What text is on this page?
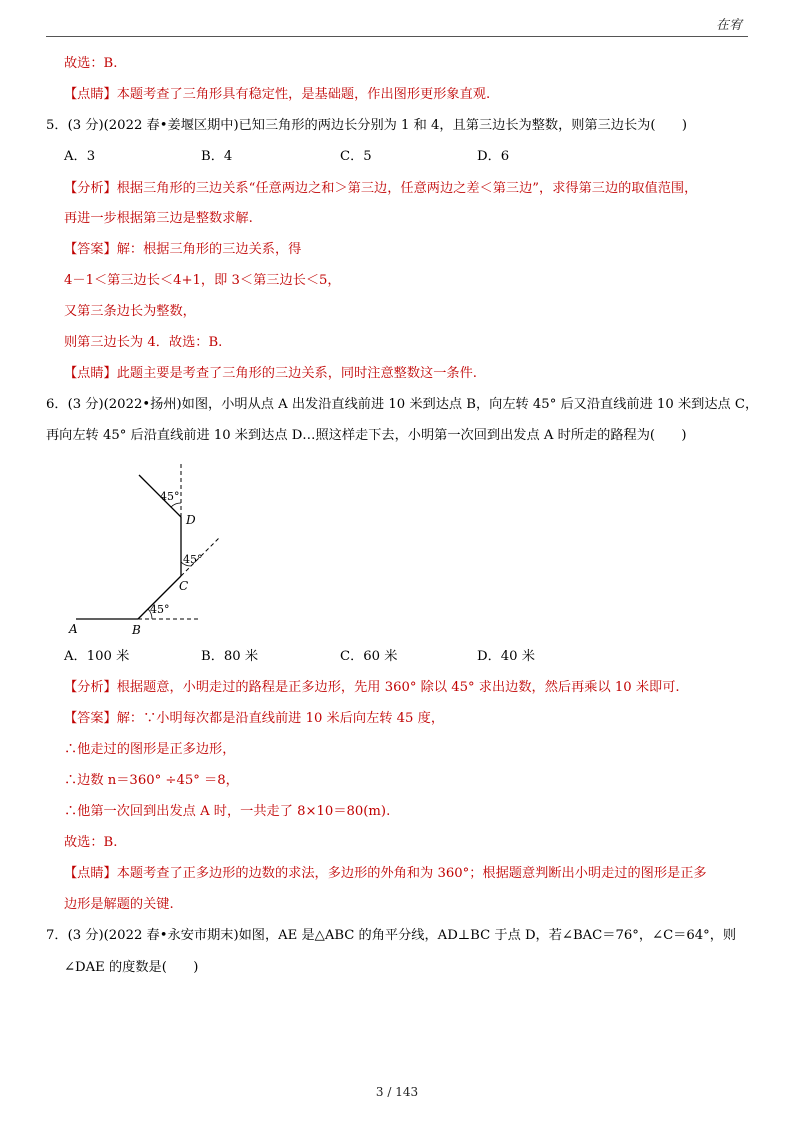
在宥
故选：B.
【点睛】本题考查了三角形具有稳定性，是基础题，作出图形更形象直观.
5．(3 分)(2022 春•姜堰区期中)已知三角形的两边长分别为 1 和 4，且第三边长为整数，则第三边长为(　　)
A．3	B．4	C．5	D．6
【分析】根据三角形的三边关系“任意两边之和＞第三边，任意两边之差＜第三边”，求得第三边的取值范围，
再进一步根据第三边是整数求解.
【答案】解：根据三角形的三边关系，得
4－1＜第三边长＜4+1，即 3＜第三边长＜5，
又第三条边长为整数，
则第三边长为 4．故选：B.
【点睛】此题主要是考查了三角形的三边关系，同时注意整数这一条件.
6．(3 分)(2022•扬州)如图，小明从点 A 出发沿直线前进 10 米到达点 B，向左转 45° 后又沿直线前进 10 米到达点 C，
再向左转 45° 后沿直线前进 10 米到达点 D…照这样走下去，小明第一次回到出发点 A 时所走的路程为(　　)
45°
45°
45°
A	B
C
D
A．100 米	B．80 米	C．60 米	D．40 米
【分析】根据题意，小明走过的路程是正多边形，先用 360° 除以 45° 求出边数，然后再乘以 10 米即可.
【答案】解：∵小明每次都是沿直线前进 10 米后向左转 45 度，
∴他走过的图形是正多边形，
∴边数 n＝360° ÷45° ＝8，
∴他第一次回到出发点 A 时，一共走了 8×10＝80(m).
故选：B.
【点睛】本题考查了正多边形的边数的求法，多边形的外角和为 360°；根据题意判断出小明走过的图形是正多
边形是解题的关键.
7．(3 分)(2022 春•永安市期末)如图，AE 是△ABC 的角平分线，AD⊥BC 于点 D，若∠BAC＝76°，∠C＝64°，则
∠DAE 的度数是(　　)
3 / 143
